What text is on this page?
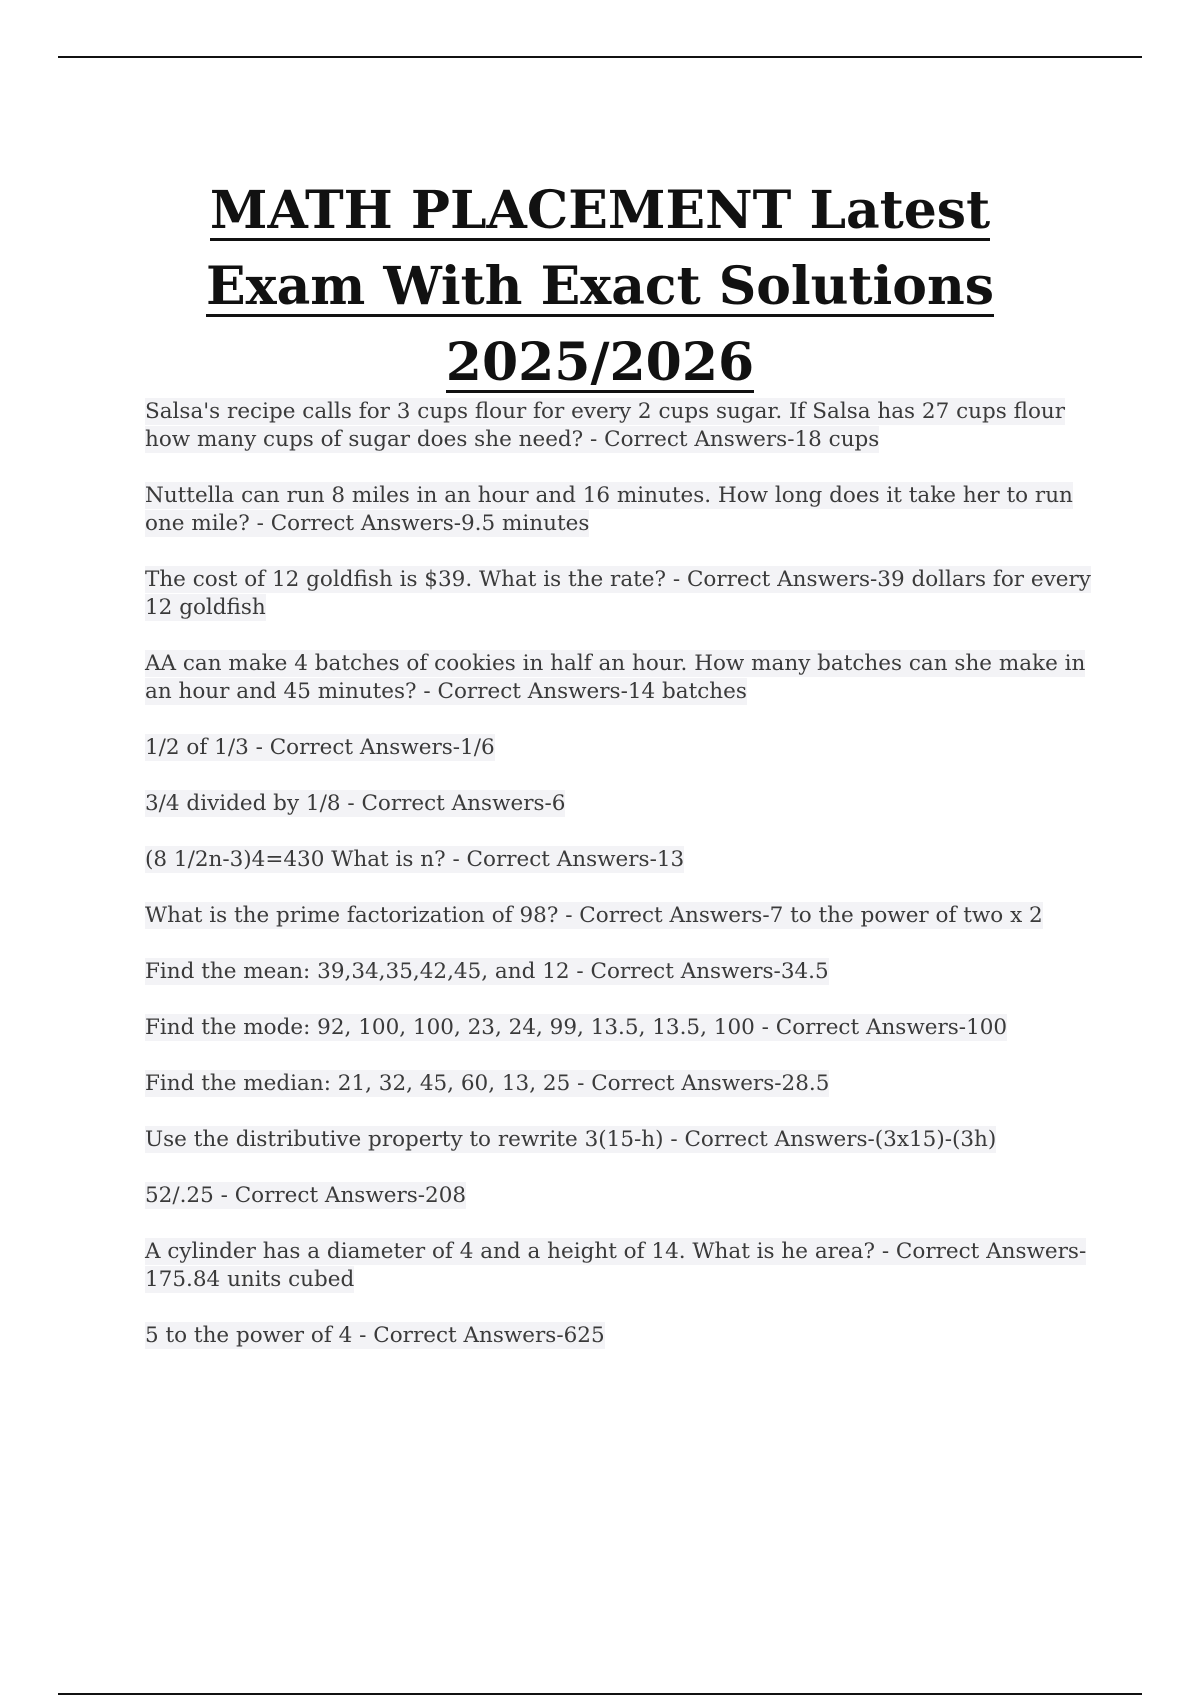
MATH PLACEMENT Latest
Exam With Exact Solutions
2025/2026
Salsa's recipe calls for 3 cups flour for every 2 cups sugar. If Salsa has 27 cups flour how many cups of sugar does she need? - Correct Answers-18 cups
Nuttella can run 8 miles in an hour and 16 minutes. How long does it take her to run one mile? - Correct Answers-9.5 minutes
The cost of 12 goldfish is $39. What is the rate? - Correct Answers-39 dollars for every 12 goldfish
AA can make 4 batches of cookies in half an hour. How many batches can she make in an hour and 45 minutes? - Correct Answers-14 batches
1/2 of 1/3 - Correct Answers-1/6
3/4 divided by 1/8 - Correct Answers-6
(8 1/2n-3)4=430 What is n? - Correct Answers-13
What is the prime factorization of 98? - Correct Answers-7 to the power of two x 2
Find the mean: 39,34,35,42,45, and 12 - Correct Answers-34.5
Find the mode: 92, 100, 100, 23, 24, 99, 13.5, 13.5, 100 - Correct Answers-100
Find the median: 21, 32, 45, 60, 13, 25 - Correct Answers-28.5
Use the distributive property to rewrite 3(15-h) - Correct Answers-(3x15)-(3h)
52/.25 - Correct Answers-208
A cylinder has a diameter of 4 and a height of 14. What is he area? - Correct Answers-175.84 units cubed
5 to the power of 4 - Correct Answers-625
